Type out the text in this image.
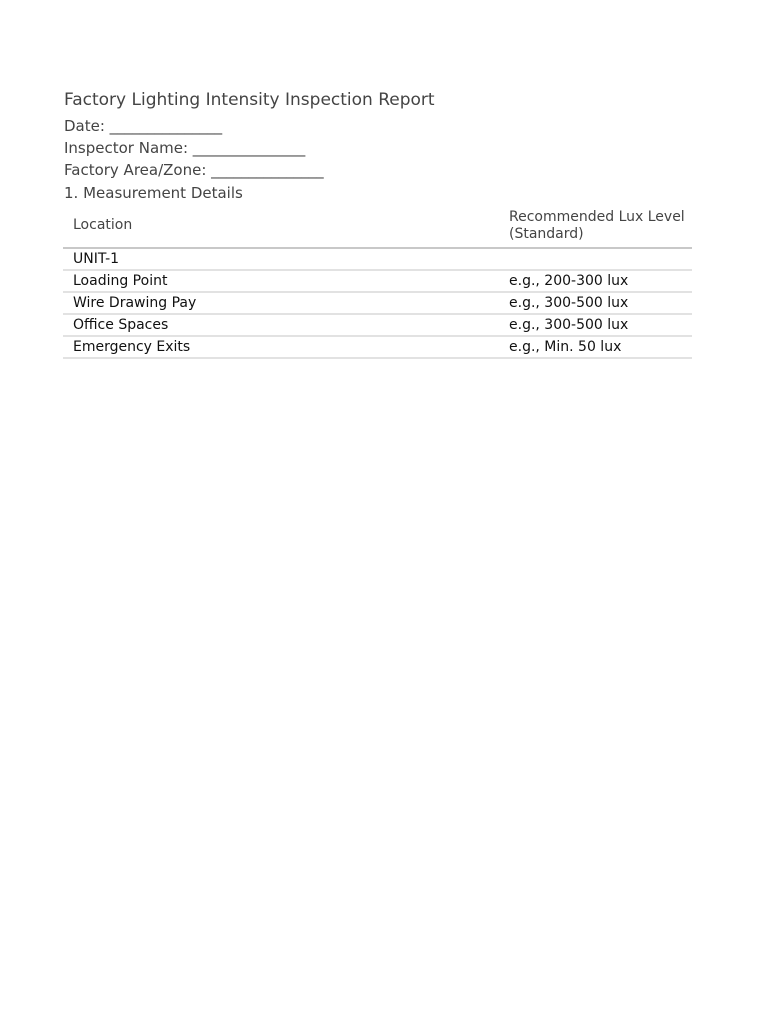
Factory Lighting Intensity Inspection Report
Date: _______________
Inspector Name: _______________
Factory Area/Zone: _______________
1. Measurement Details
Location	Recommended Lux Level (Standard)
UNIT-1	
Loading Point	e.g., 200-300 lux
Wire Drawing Pay	e.g., 300-500 lux
Office Spaces	e.g., 300-500 lux
Emergency Exits	e.g., Min. 50 lux
